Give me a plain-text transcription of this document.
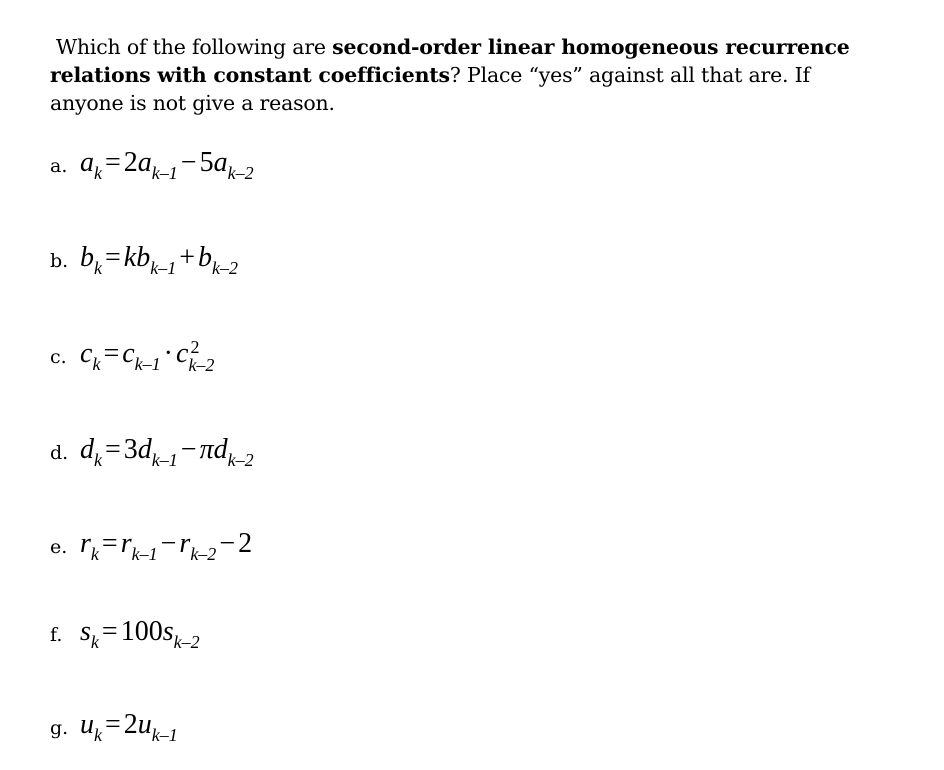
Which of the following are second-order linear homogeneous recurrence
relations with constant coefficients? Place “yes” against all that are. If
anyone is not give a reason.
a. $a_k = 2a_{k-1} - 5a_{k-2}$
b. $b_k = kb_{k-1} + b_{k-2}$
c. $c_k = c_{k-1} \cdot c$ 2
k–2
d. $d_k = 3d_{k-1} - \pi d_{k-2}$
e. $r_k = r_{k-1} - r_{k-2} - 2$
f. $s_k = 100s_{k-2}$
g. $u_k = 2u_{k-1}$
